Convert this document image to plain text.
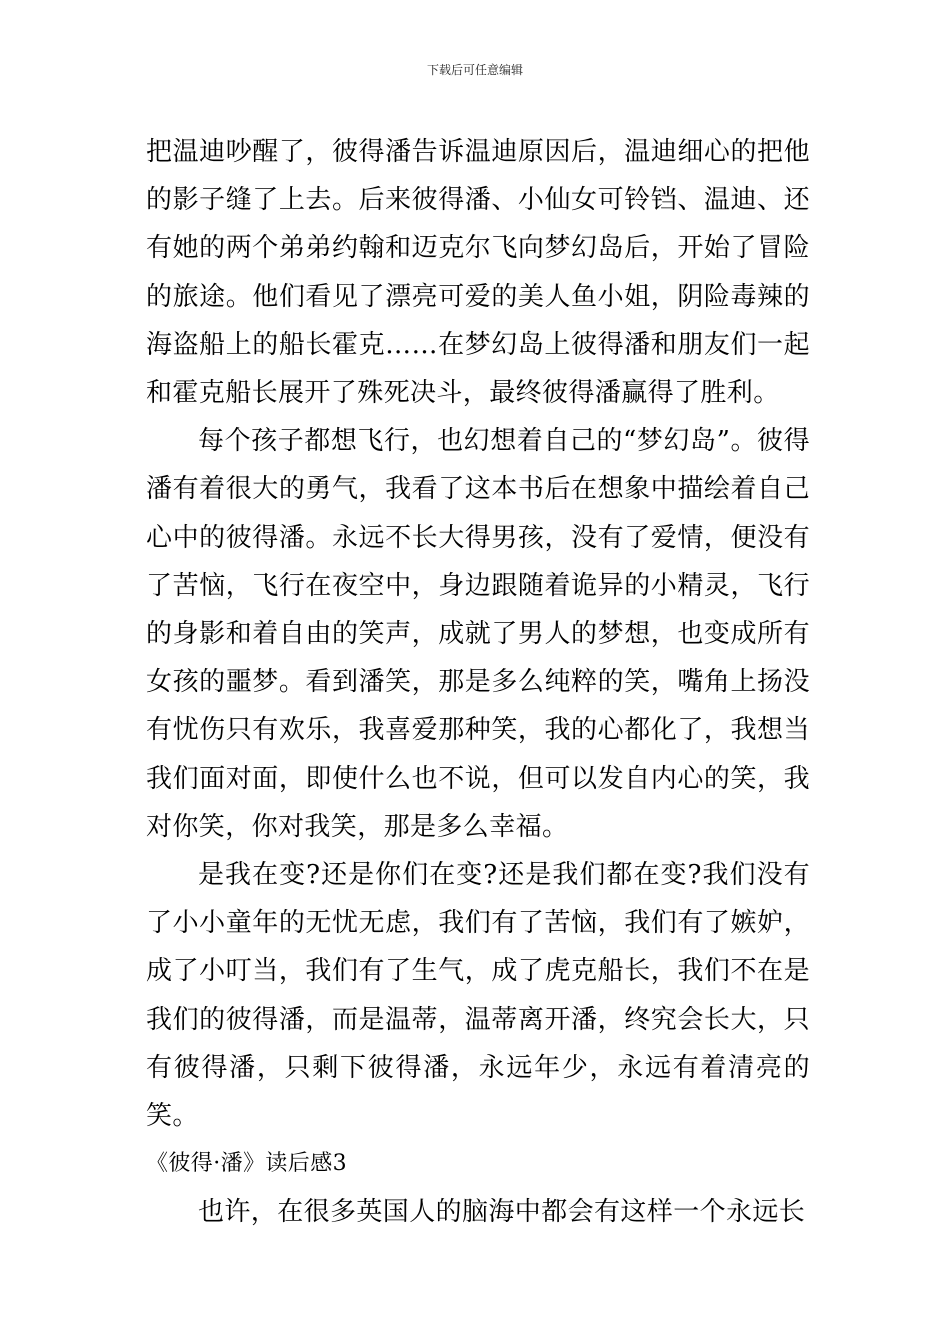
下载后可任意编辑

把温迪吵醒了，彼得潘告诉温迪原因后，温迪细心的把他的影子缝了上去。后来彼得潘、小仙女可铃铛、温迪、还有她的两个弟弟约翰和迈克尔飞向梦幻岛后，开始了冒险的旅途。他们看见了漂亮可爱的美人鱼小姐，阴险毒辣的海盗船上的船长霍克……在梦幻岛上彼得潘和朋友们一起和霍克船长展开了殊死决斗，最终彼得潘赢得了胜利。

每个孩子都想飞行，也幻想着自己的“梦幻岛”。彼得潘有着很大的勇气，我看了这本书后在想象中描绘着自己心中的彼得潘。永远不长大得男孩，没有了爱情，便没有了苦恼，飞行在夜空中，身边跟随着诡异的小精灵，飞行的身影和着自由的笑声，成就了男人的梦想，也变成所有女孩的噩梦。看到潘笑，那是多么纯粹的笑，嘴角上扬没有忧伤只有欢乐，我喜爱那种笑，我的心都化了，我想当我们面对面，即使什么也不说，但可以发自内心的笑，我对你笑，你对我笑，那是多么幸福。

是我在变?还是你们在变?还是我们都在变?我们没有了小小童年的无忧无虑，我们有了苦恼，我们有了嫉妒，成了小叮当，我们有了生气，成了虎克船长，我们不在是我们的彼得潘，而是温蒂，温蒂离开潘，终究会长大，只有彼得潘，只剩下彼得潘，永远年少，永远有着清亮的笑。

《彼得·潘》读后感3

也许，在很多英国人的脑海中都会有这样一个永远长
